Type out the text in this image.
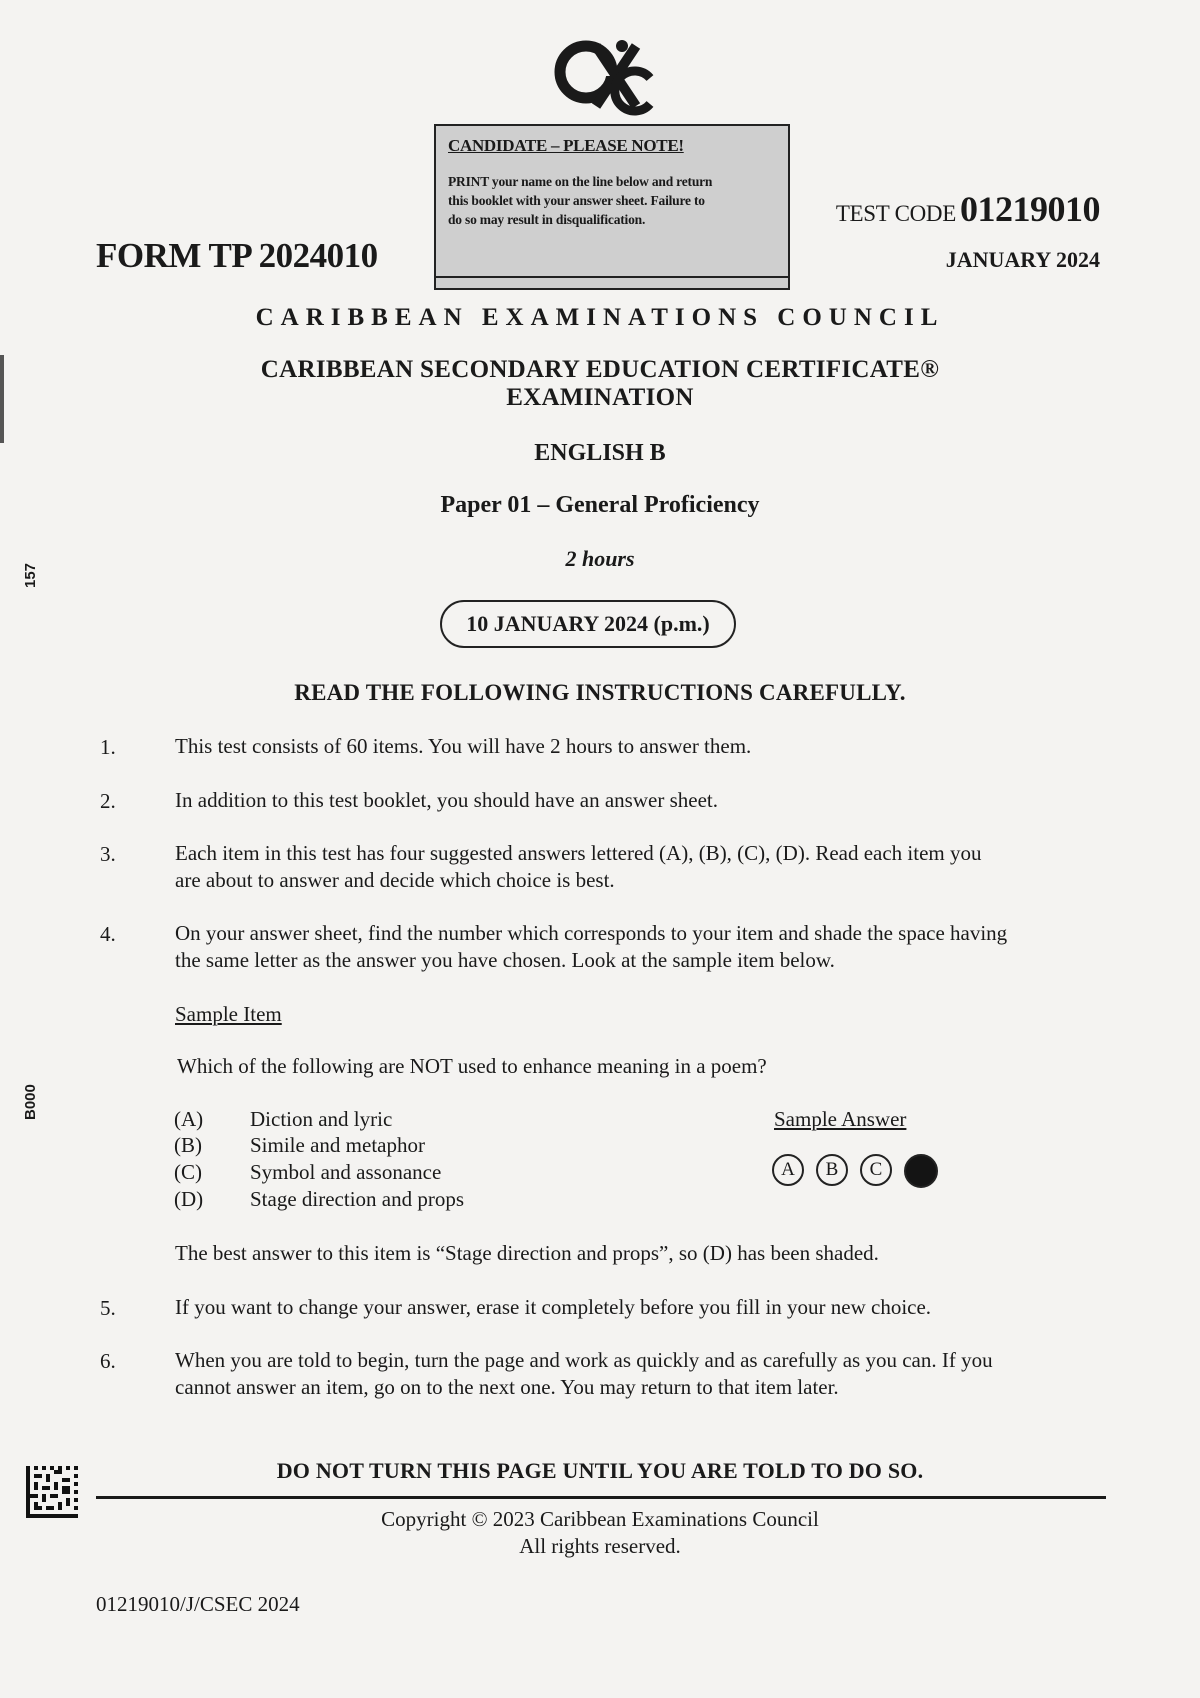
CANDIDATE – PLEASE NOTE!
PRINT your name on the line below and return
this booklet with your answer sheet. Failure to
do so may result in disqualification.
FORM TP 2024010
TEST CODE 01219010
JANUARY 2024
CARIBBEAN EXAMINATIONS COUNCIL
CARIBBEAN SECONDARY EDUCATION CERTIFICATE®
EXAMINATION
ENGLISH B
Paper 01 – General Proficiency
2 hours
10 JANUARY 2024 (p.m.)
READ THE FOLLOWING INSTRUCTIONS CAREFULLY.
1.	This test consists of 60 items. You will have 2 hours to answer them.
2.	In addition to this test booklet, you should have an answer sheet.
3.	Each item in this test has four suggested answers lettered (A), (B), (C), (D). Read each item you
are about to answer and decide which choice is best.
4.	On your answer sheet, find the number which corresponds to your item and shade the space having
the same letter as the answer you have chosen. Look at the sample item below.
Sample Item
Which of the following are NOT used to enhance meaning in a poem?
(A) Diction and lyric
(B) Simile and metaphor
(C) Symbol and assonance
(D) Stage direction and props
Sample Answer
A	B	C
The best answer to this item is “Stage direction and props”, so (D) has been shaded.
5.	If you want to change your answer, erase it completely before you fill in your new choice.
6.	When you are told to begin, turn the page and work as quickly and as carefully as you can. If you
cannot answer an item, go on to the next one. You may return to that item later.
DO NOT TURN THIS PAGE UNTIL YOU ARE TOLD TO DO SO.
Copyright © 2023 Caribbean Examinations Council
All rights reserved.
01219010/J/CSEC 2024
157
B000
